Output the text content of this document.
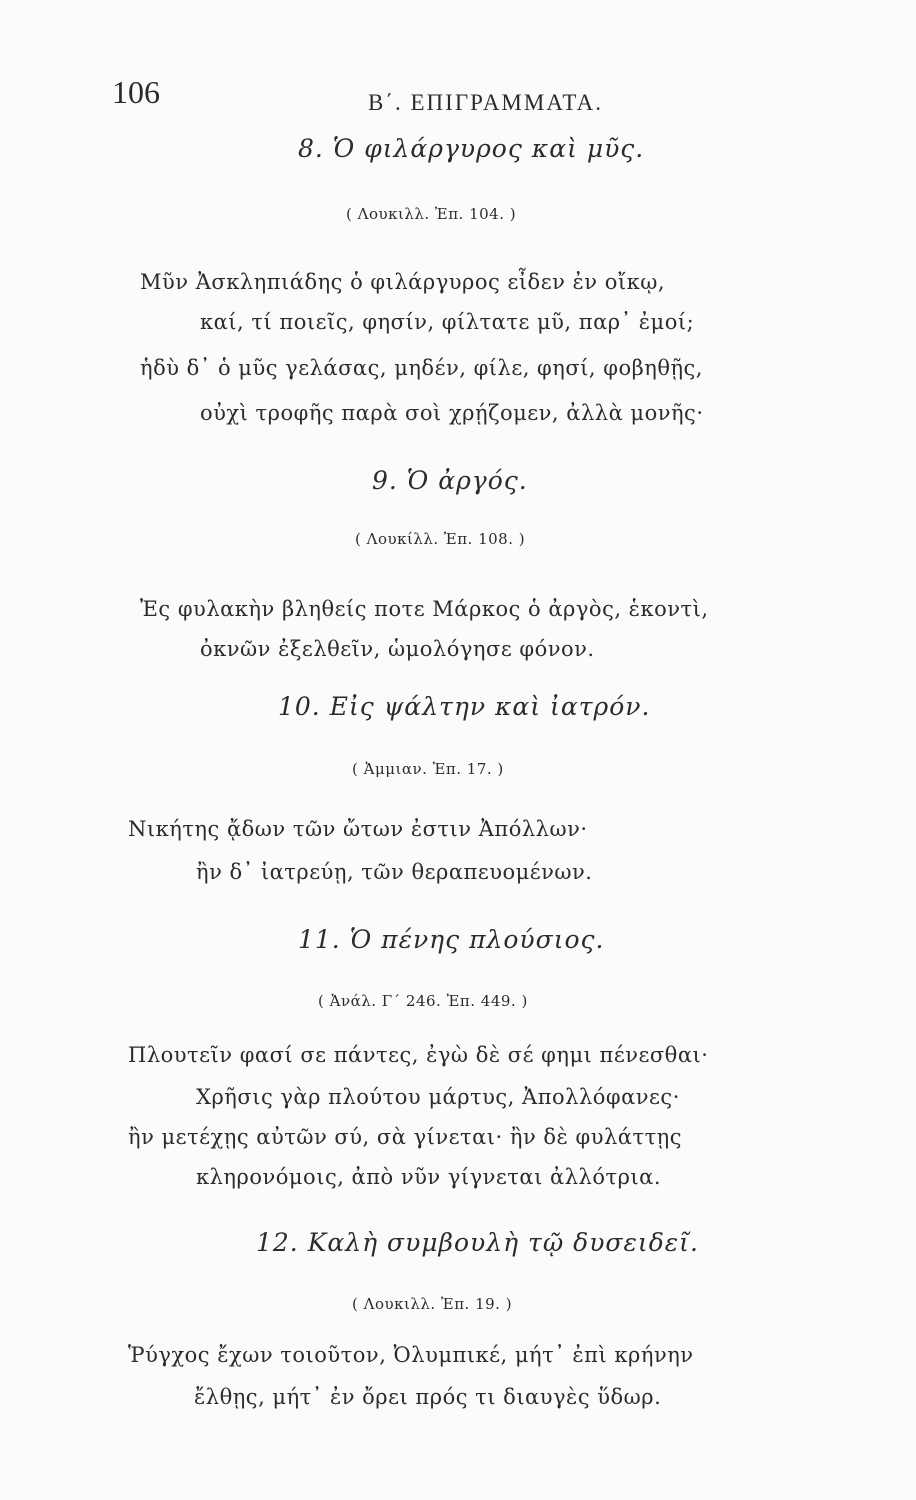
106	Β΄. ΕΠΙΓΡΑΜΜΑΤΑ.
8. Ὁ φιλάργυρος καὶ μῦς.
( Λουκιλλ. Ἐπ. 104. )
Μῦν Ἀσκληπιάδης ὁ φιλάργυρος εἶδεν ἐν οἴκῳ,
καί, τί ποιεῖς, φησίν, φίλτατε μῦ, παρ᾽ ἐμοί;
ἡδὺ δ᾽ ὁ μῦς γελάσας, μηδέν, φίλε, φησί, φοβηθῇς,
οὐχὶ τροφῆς παρὰ σοὶ χρῄζομεν, ἀλλὰ μονῆς·
9. Ὁ ἀργός.
( Λουκίλλ. Ἐπ. 108. )
Ἐς φυλακὴν βληθείς ποτε Μάρκος ὁ ἀργὸς, ἑκοντὶ,
ὀκνῶν ἐξελθεῖν, ὡμολόγησε φόνον.
10. Εἰς ψάλτην καὶ ἰατρόν.
( Ἀμμιαν. Ἐπ. 17. )
Νικήτης ᾄδων τῶν ὤτων ἐστιν Ἀπόλλων·
ἢν δ᾽ ἰατρεύῃ, τῶν θεραπευομένων.
11. Ὁ πένης πλούσιος.
( Ἀνάλ. Γ΄ 246. Ἐπ. 449. )
Πλουτεῖν φασί σε πάντες, ἐγὼ δὲ σέ φημι πένεσθαι·
Χρῆσις γὰρ πλούτου μάρτυς, Ἀπολλόφανες·
ἢν μετέχῃς αὐτῶν σύ, σὰ γίνεται· ἢν δὲ φυλάττῃς
κληρονόμοις, ἀπὸ νῦν γίγνεται ἀλλότρια.
12. Καλὴ συμβουλὴ τῷ δυσειδεῖ.
( Λουκιλλ. Ἐπ. 19. )
Ῥύγχος ἔχων τοιοῦτον, Ὀλυμπικέ, μήτ᾽ ἐπὶ κρήνην
ἔλθῃς, μήτ᾽ ἐν ὄρει πρός τι διαυγὲς ὕδωρ.
